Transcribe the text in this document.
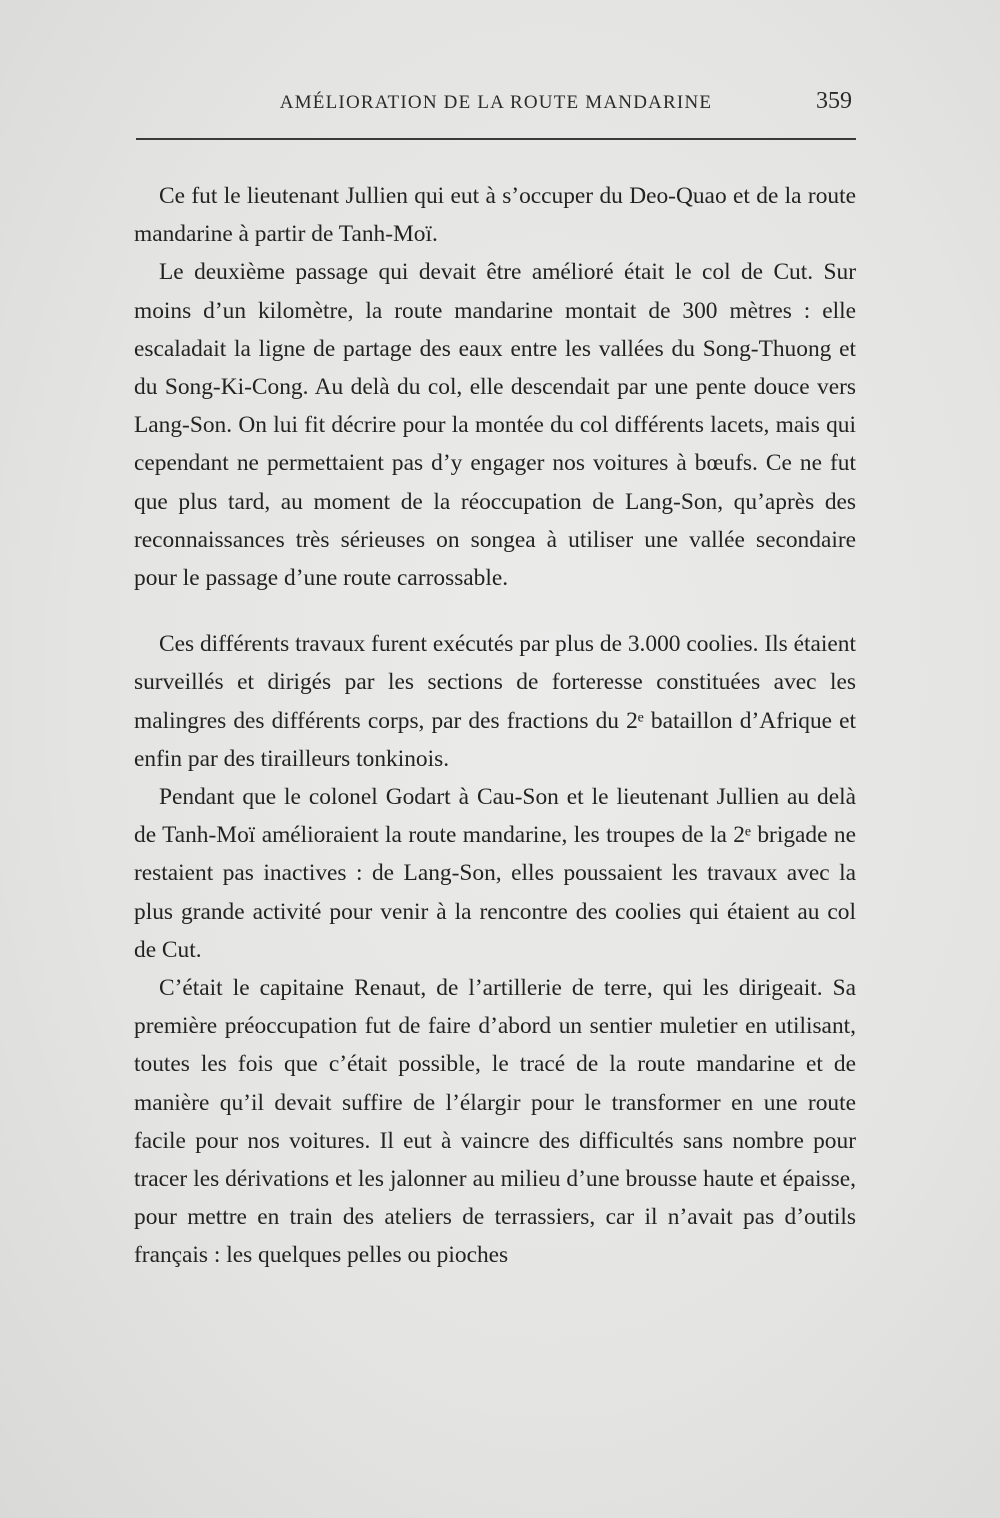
AMÉLIORATION DE LA ROUTE MANDARINE	359

Ce fut le lieutenant Jullien qui eut à s’occuper du Deo-Quao et de la route mandarine à partir de Tanh-Moï.

Le deuxième passage qui devait être amélioré était le col de Cut. Sur moins d’un kilomètre, la route mandarine montait de 300 mètres : elle escaladait la ligne de partage des eaux entre les vallées du Song-Thuong et du Song-Ki-Cong. Au delà du col, elle descendait par une pente douce vers Lang-Son. On lui fit décrire pour la montée du col différents lacets, mais qui cependant ne permettaient pas d’y engager nos voitures à bœufs. Ce ne fut que plus tard, au moment de la réoccupation de Lang-Son, qu’après des reconnaissances très sérieuses on songea à utiliser une vallée secondaire pour le passage d’une route carrossable.

Ces différents travaux furent exécutés par plus de 3.000 coolies. Ils étaient surveillés et dirigés par les sections de forteresse constituées avec les malingres des différents corps, par des fractions du 2ᵉ bataillon d’Afrique et enfin par des tirailleurs tonkinois.

Pendant que le colonel Godart à Cau-Son et le lieutenant Jullien au delà de Tanh-Moï amélioraient la route mandarine, les troupes de la 2ᵉ brigade ne restaient pas inactives : de Lang-Son, elles poussaient les travaux avec la plus grande activité pour venir à la rencontre des coolies qui étaient au col de Cut.

C’était le capitaine Renaut, de l’artillerie de terre, qui les dirigeait. Sa première préoccupation fut de faire d’abord un sentier muletier en utilisant, toutes les fois que c’était possible, le tracé de la route mandarine et de manière qu’il devait suffire de l’élargir pour le transformer en une route facile pour nos voitures. Il eut à vaincre des difficultés sans nombre pour tracer les dérivations et les jalonner au milieu d’une brousse haute et épaisse, pour mettre en train des ateliers de terrassiers, car il n’avait pas d’outils français : les quelques pelles ou pioches
